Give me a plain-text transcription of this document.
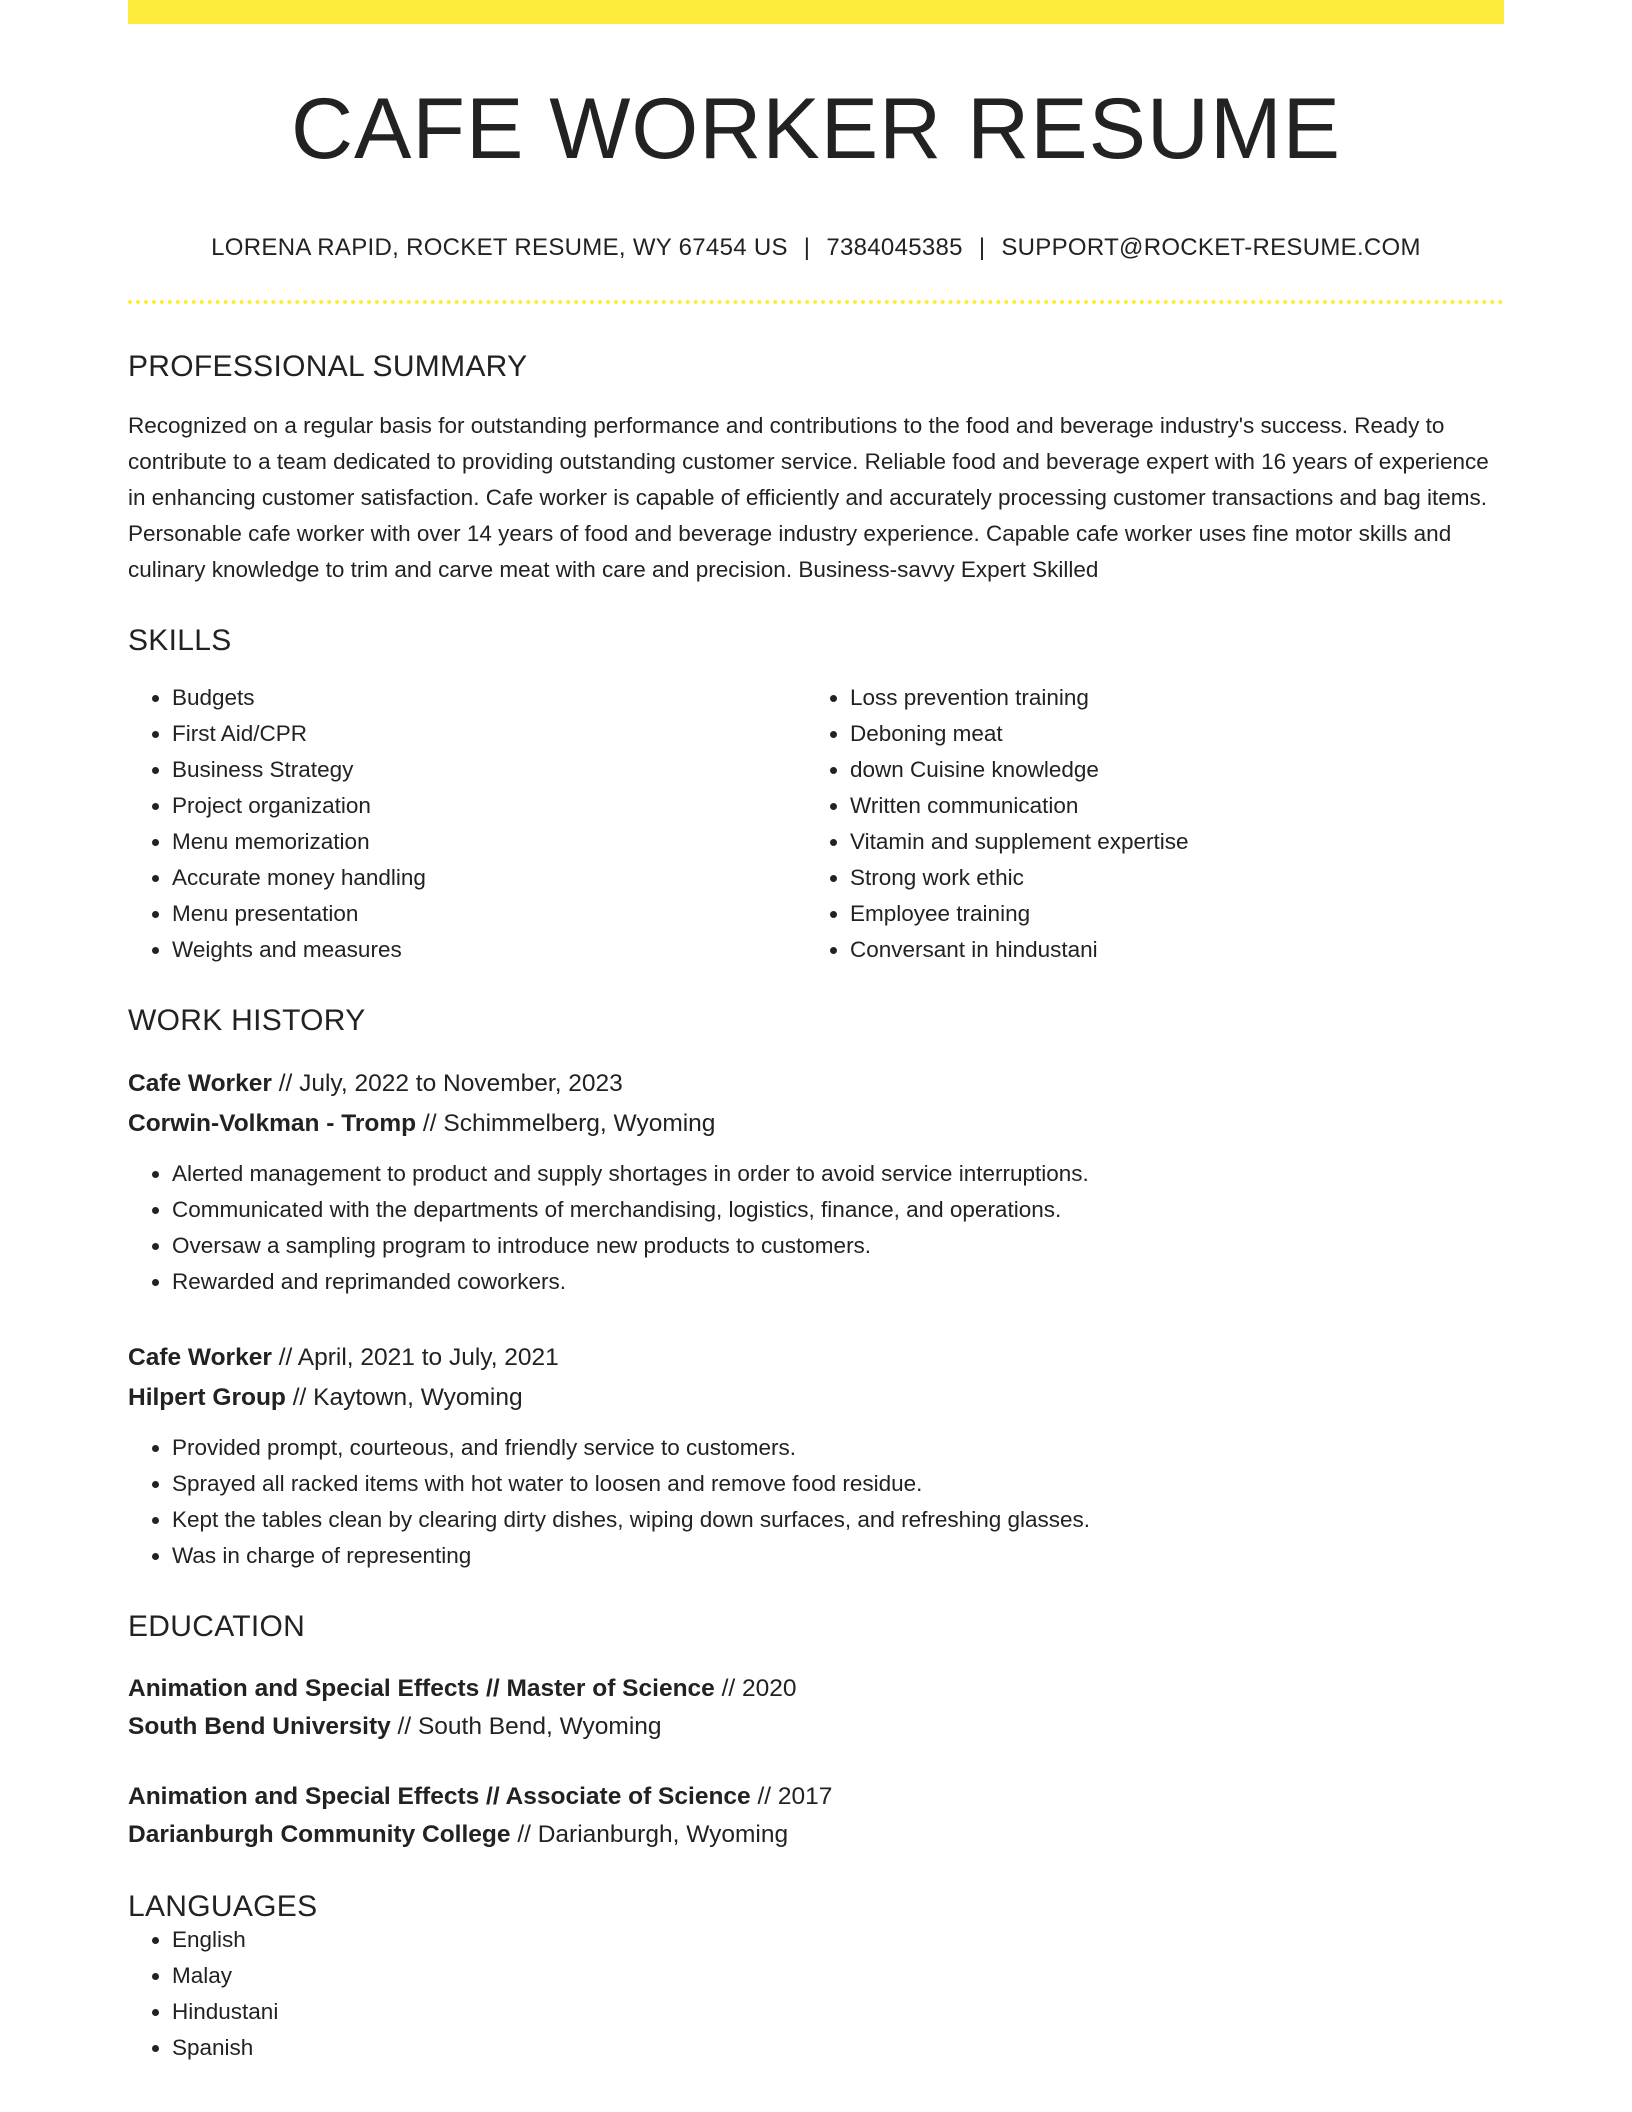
CAFE WORKER RESUME
LORENA RAPID, ROCKET RESUME, WY 67454 US | 7384045385 | SUPPORT@ROCKET-RESUME.COM
PROFESSIONAL SUMMARY
Recognized on a regular basis for outstanding performance and contributions to the food and beverage industry's success. Ready to contribute to a team dedicated to providing outstanding customer service. Reliable food and beverage expert with 16 years of experience in enhancing customer satisfaction. Cafe worker is capable of efficiently and accurately processing customer transactions and bag items. Personable cafe worker with over 14 years of food and beverage industry experience. Capable cafe worker uses fine motor skills and culinary knowledge to trim and carve meat with care and precision. Business-savvy Expert Skilled
SKILLS
• Budgets
• First Aid/CPR
• Business Strategy
• Project organization
• Menu memorization
• Accurate money handling
• Menu presentation
• Weights and measures
• Loss prevention training
• Deboning meat
• down Cuisine knowledge
• Written communication
• Vitamin and supplement expertise
• Strong work ethic
• Employee training
• Conversant in hindustani
WORK HISTORY
Cafe Worker // July, 2022 to November, 2023
Corwin-Volkman - Tromp // Schimmelberg, Wyoming
• Alerted management to product and supply shortages in order to avoid service interruptions.
• Communicated with the departments of merchandising, logistics, finance, and operations.
• Oversaw a sampling program to introduce new products to customers.
• Rewarded and reprimanded coworkers.
Cafe Worker // April, 2021 to July, 2021
Hilpert Group // Kaytown, Wyoming
• Provided prompt, courteous, and friendly service to customers.
• Sprayed all racked items with hot water to loosen and remove food residue.
• Kept the tables clean by clearing dirty dishes, wiping down surfaces, and refreshing glasses.
• Was in charge of representing
EDUCATION
Animation and Special Effects // Master of Science // 2020
South Bend University // South Bend, Wyoming
Animation and Special Effects // Associate of Science // 2017
Darianburgh Community College // Darianburgh, Wyoming
LANGUAGES
• English
• Malay
• Hindustani
• Spanish
